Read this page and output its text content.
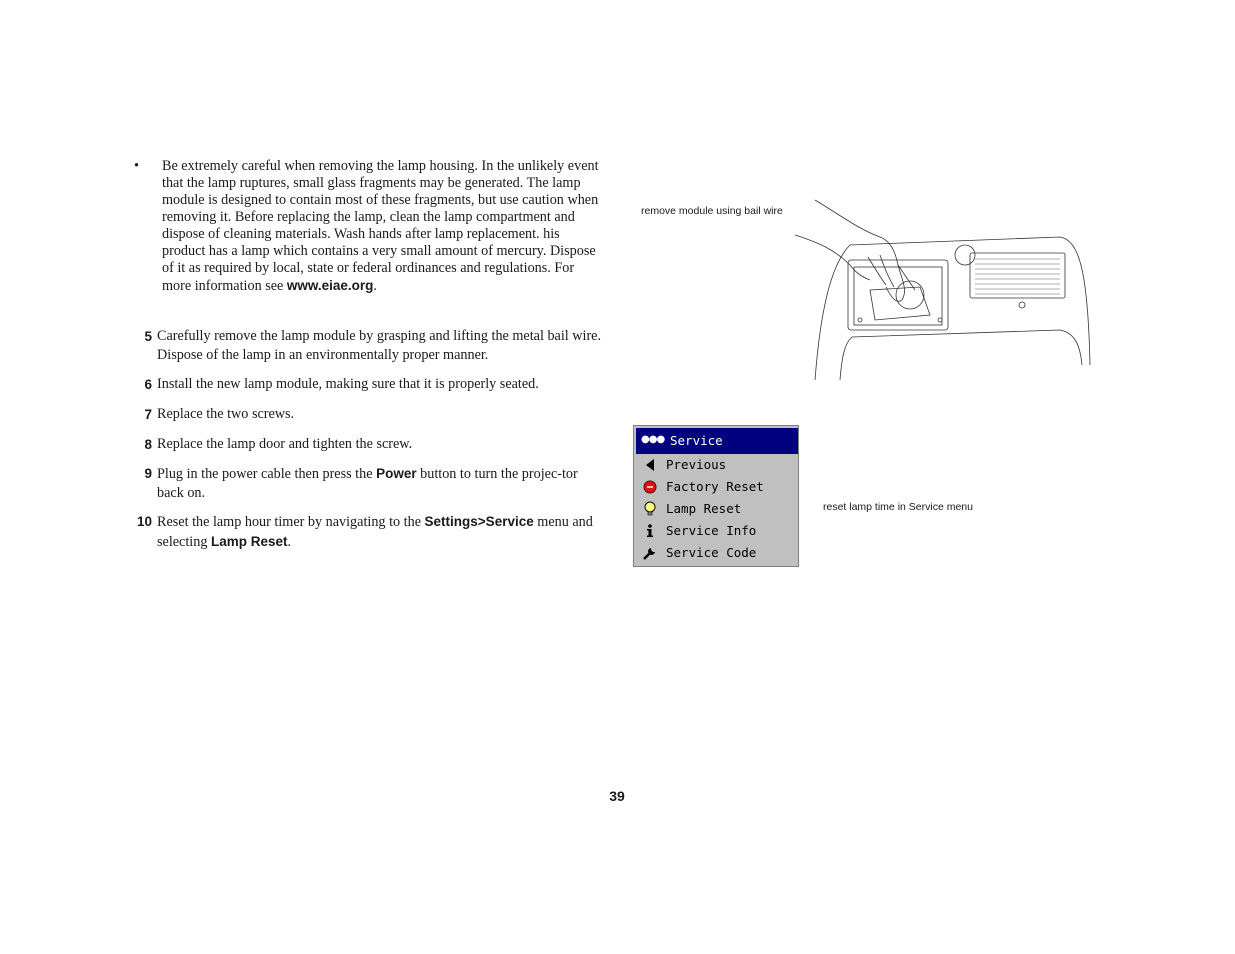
• Be extremely careful when removing the lamp housing. In the unlikely event that the lamp ruptures, small glass fragments may be generated. The lamp module is designed to contain most of these fragments, but use caution when removing it. Before replacing the lamp, clean the lamp compartment and dispose of cleaning materials. Wash hands after lamp replacement. his product has a lamp which contains a very small amount of mercury. Dispose of it as required by local, state or federal ordinances and regulations. For more information see www.eiae.org.
5 Carefully remove the lamp module by grasping and lifting the metal bail wire. Dispose of the lamp in an environmentally proper manner.
6 Install the new lamp module, making sure that it is properly seated.
7 Replace the two screws.
8 Replace the lamp door and tighten the screw.
9 Plug in the power cable then press the Power button to turn the projec-tor back on.
10 Reset the lamp hour timer by navigating to the Settings>Service menu and selecting Lamp Reset.
remove module using bail wire
●●● Service
Previous
Factory Reset
Lamp Reset
Service Info
Service Code
reset lamp time in Service menu
39
